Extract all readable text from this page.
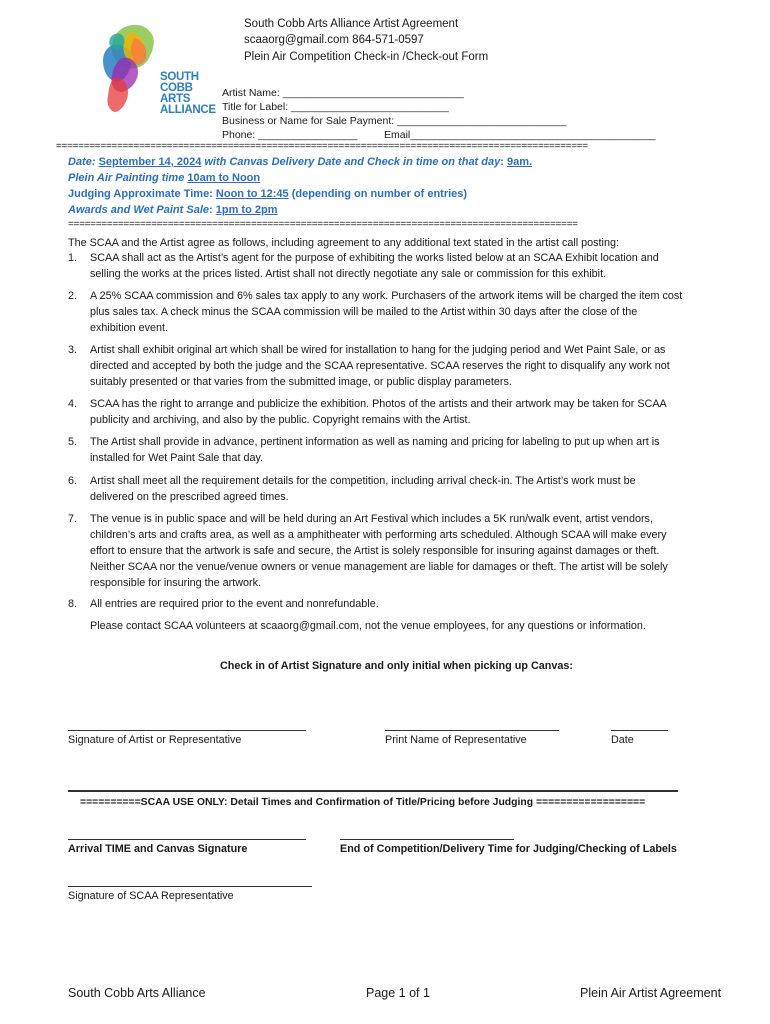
SOUTH
COBB
ARTS
ALLIANCE
South Cobb Arts Alliance Artist Agreement
scaaorg@gmail.com 864-571-0597
Plein Air Competition Check-in /Check-out Form
Artist Name: _______________________________
Title for Label: ___________________________
Business or Name for Sale Payment: _____________________________
Phone: _________________	Email__________________________________________
================================================================================================
Date: September 14, 2024 with Canvas Delivery Date and Check in time on that day: 9am.
Plein Air Painting time 10am to Noon
Judging Approximate Time: Noon to 12:45 (depending on number of entries)
Awards and Wet Paint Sale: 1pm to 2pm
============================================================================================
The SCAA and the Artist agree as follows, including agreement to any additional text stated in the artist call posting:
1. SCAA shall act as the Artist’s agent for the purpose of exhibiting the works listed below at an SCAA Exhibit location and
selling the works at the prices listed. Artist shall not directly negotiate any sale or commission for this exhibit.
2. A 25% SCAA commission and 6% sales tax apply to any work. Purchasers of the artwork items will be charged the item cost
plus sales tax. A check minus the SCAA commission will be mailed to the Artist within 30 days after the close of the
exhibition event.
3. Artist shall exhibit original art which shall be wired for installation to hang for the judging period and Wet Paint Sale, or as
directed and accepted by both the judge and the SCAA representative. SCAA reserves the right to disqualify any work not
suitably presented or that varies from the submitted image, or public display parameters.
4. SCAA has the right to arrange and publicize the exhibition. Photos of the artists and their artwork may be taken for SCAA
publicity and archiving, and also by the public. Copyright remains with the Artist.
5. The Artist shall provide in advance, pertinent information as well as naming and pricing for labeling to put up when art is
installed for Wet Paint Sale that day.
6. Artist shall meet all the requirement details for the competition, including arrival check-in. The Artist’s work must be
delivered on the prescribed agreed times.
7. The venue is in public space and will be held during an Art Festival which includes a 5K run/walk event, artist vendors,
children’s arts and crafts area, as well as a amphitheater with performing arts scheduled. Although SCAA will make every
effort to ensure that the artwork is safe and secure, the Artist is solely responsible for insuring against damages or theft.
Neither SCAA nor the venue/venue owners or venue management are liable for damages or theft. The artist will be solely
responsible for insuring the artwork.
8. All entries are required prior to the event and nonrefundable.
Please contact SCAA volunteers at scaaorg@gmail.com, not the venue employees, for any questions or information.
Check in of Artist Signature and only initial when picking up Canvas:
Signature of Artist or Representative	Print Name of Representative	Date
==========SCAA USE ONLY: Detail Times and Confirmation of Title/Pricing before Judging ==================
Arrival TIME and Canvas Signature	End of Competition/Delivery Time for Judging/Checking of Labels
Signature of SCAA Representative
South Cobb Arts Alliance	Page 1 of 1	Plein Air Artist Agreement
